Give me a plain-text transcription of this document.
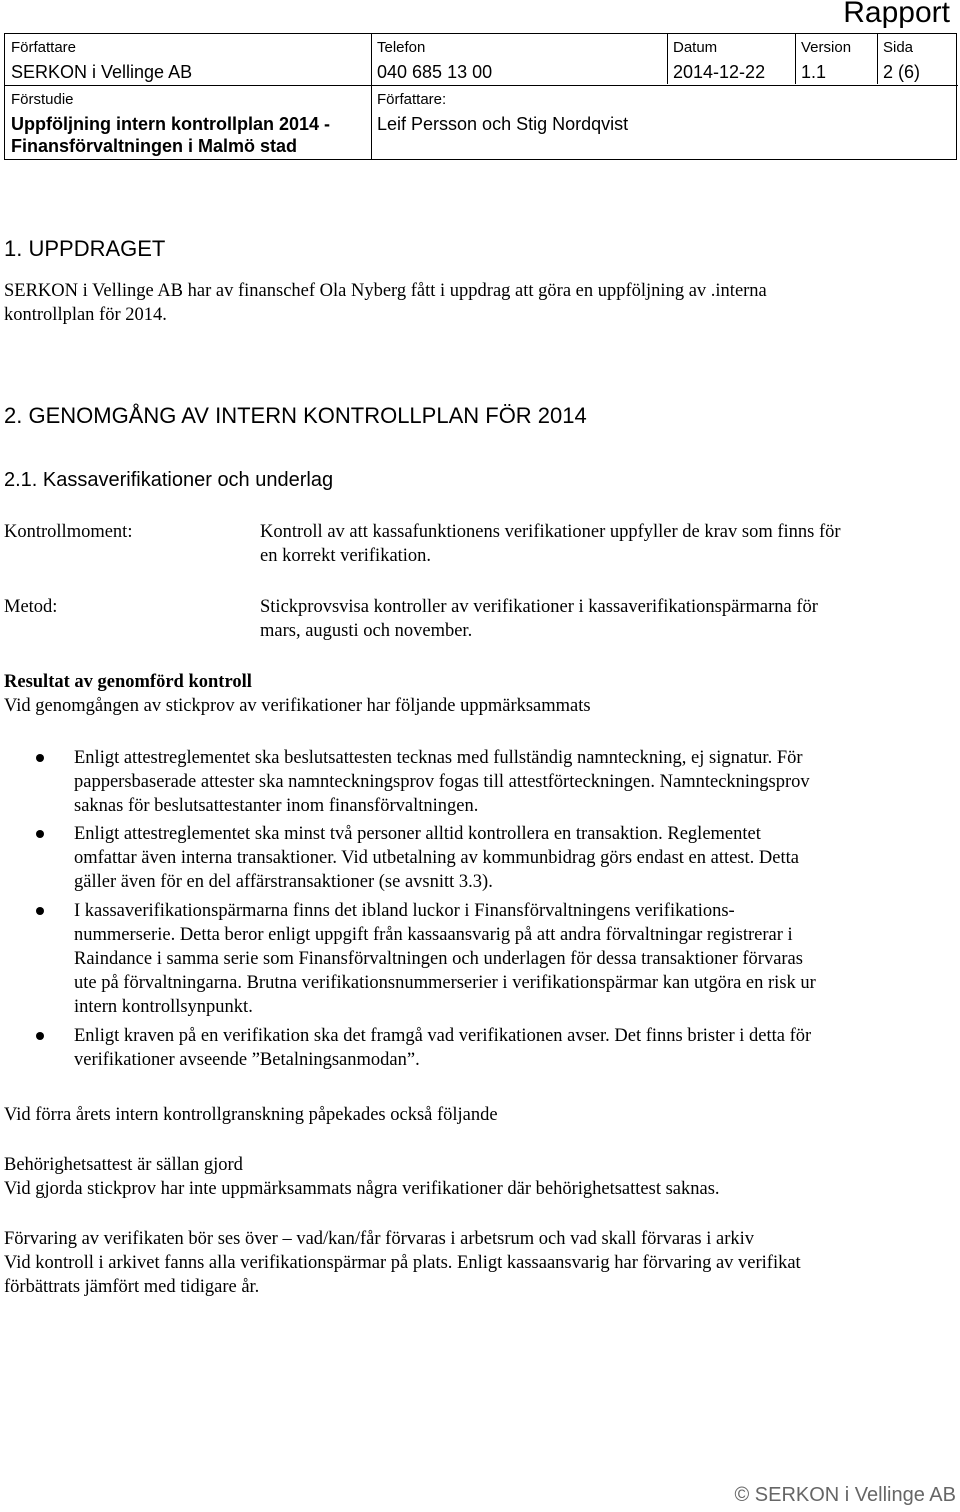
Rapport
Författare
SERKON i Vellinge AB
Telefon
040 685 13 00
Datum
2014-12-22
Version
1.1
Sida
2 (6)
Förstudie
Uppföljning intern kontrollplan 2014 -
Finansförvaltningen i Malmö stad
Författare:
Leif Persson och Stig Nordqvist
1. UPPDRAGET

SERKON i Vellinge AB har av finanschef Ola Nyberg fått i uppdrag att göra en uppföljning av .interna

kontrollplan för 2014.

2. GENOMGÅNG AV INTERN KONTROLLPLAN FÖR 2014
2.1. Kassaverifikationer och underlag

Kontrollmoment:	Kontroll av att kassafunktionens verifikationer uppfyller de krav som finns för

en korrekt verifikation.

Metod:	Stickprovsvisa kontroller av verifikationer i kassaverifikationspärmarna för

mars, augusti och november.

Resultat av genomförd kontroll

Vid genomgången av stickprov av verifikationer har följande uppmärksammats

Enligt attestreglementet ska beslutsattesten tecknas med fullständig namnteckning, ej signatur. För

pappersbaserade attester ska namnteckningsprov fogas till attestförteckningen. Namnteckningsprov

saknas för beslutsattestanter inom finansförvaltningen.

Enligt attestreglementet ska minst två personer alltid kontrollera en transaktion. Reglementet

omfattar även interna transaktioner. Vid utbetalning av kommunbidrag görs endast en attest. Detta

gäller även för en del affärstransaktioner (se avsnitt 3.3).

I kassaverifikationspärmarna finns det ibland luckor i Finansförvaltningens verifikations-

nummerserie. Detta beror enligt uppgift från kassaansvarig på att andra förvaltningar registrerar i

Raindance i samma serie som Finansförvaltningen och underlagen för dessa transaktioner förvaras

ute på förvaltningarna. Brutna verifikationsnummerserier i verifikationspärmar kan utgöra en risk ur

intern kontrollsynpunkt.

Enligt kraven på en verifikation ska det framgå vad verifikationen avser. Det finns brister i detta för

verifikationer avseende ”Betalningsanmodan”.

Vid förra årets intern kontrollgranskning påpekades också följande

Behörighetsattest är sällan gjord

Vid gjorda stickprov har inte uppmärksammats några verifikationer där behörighetsattest saknas.

Förvaring av verifikaten bör ses över – vad/kan/får förvaras i arbetsrum och vad skall förvaras i arkiv

Vid kontroll i arkivet fanns alla verifikationspärmar på plats. Enligt kassaansvarig har förvaring av verifikat

förbättrats jämfört med tidigare år.

© SERKON i Vellinge AB
